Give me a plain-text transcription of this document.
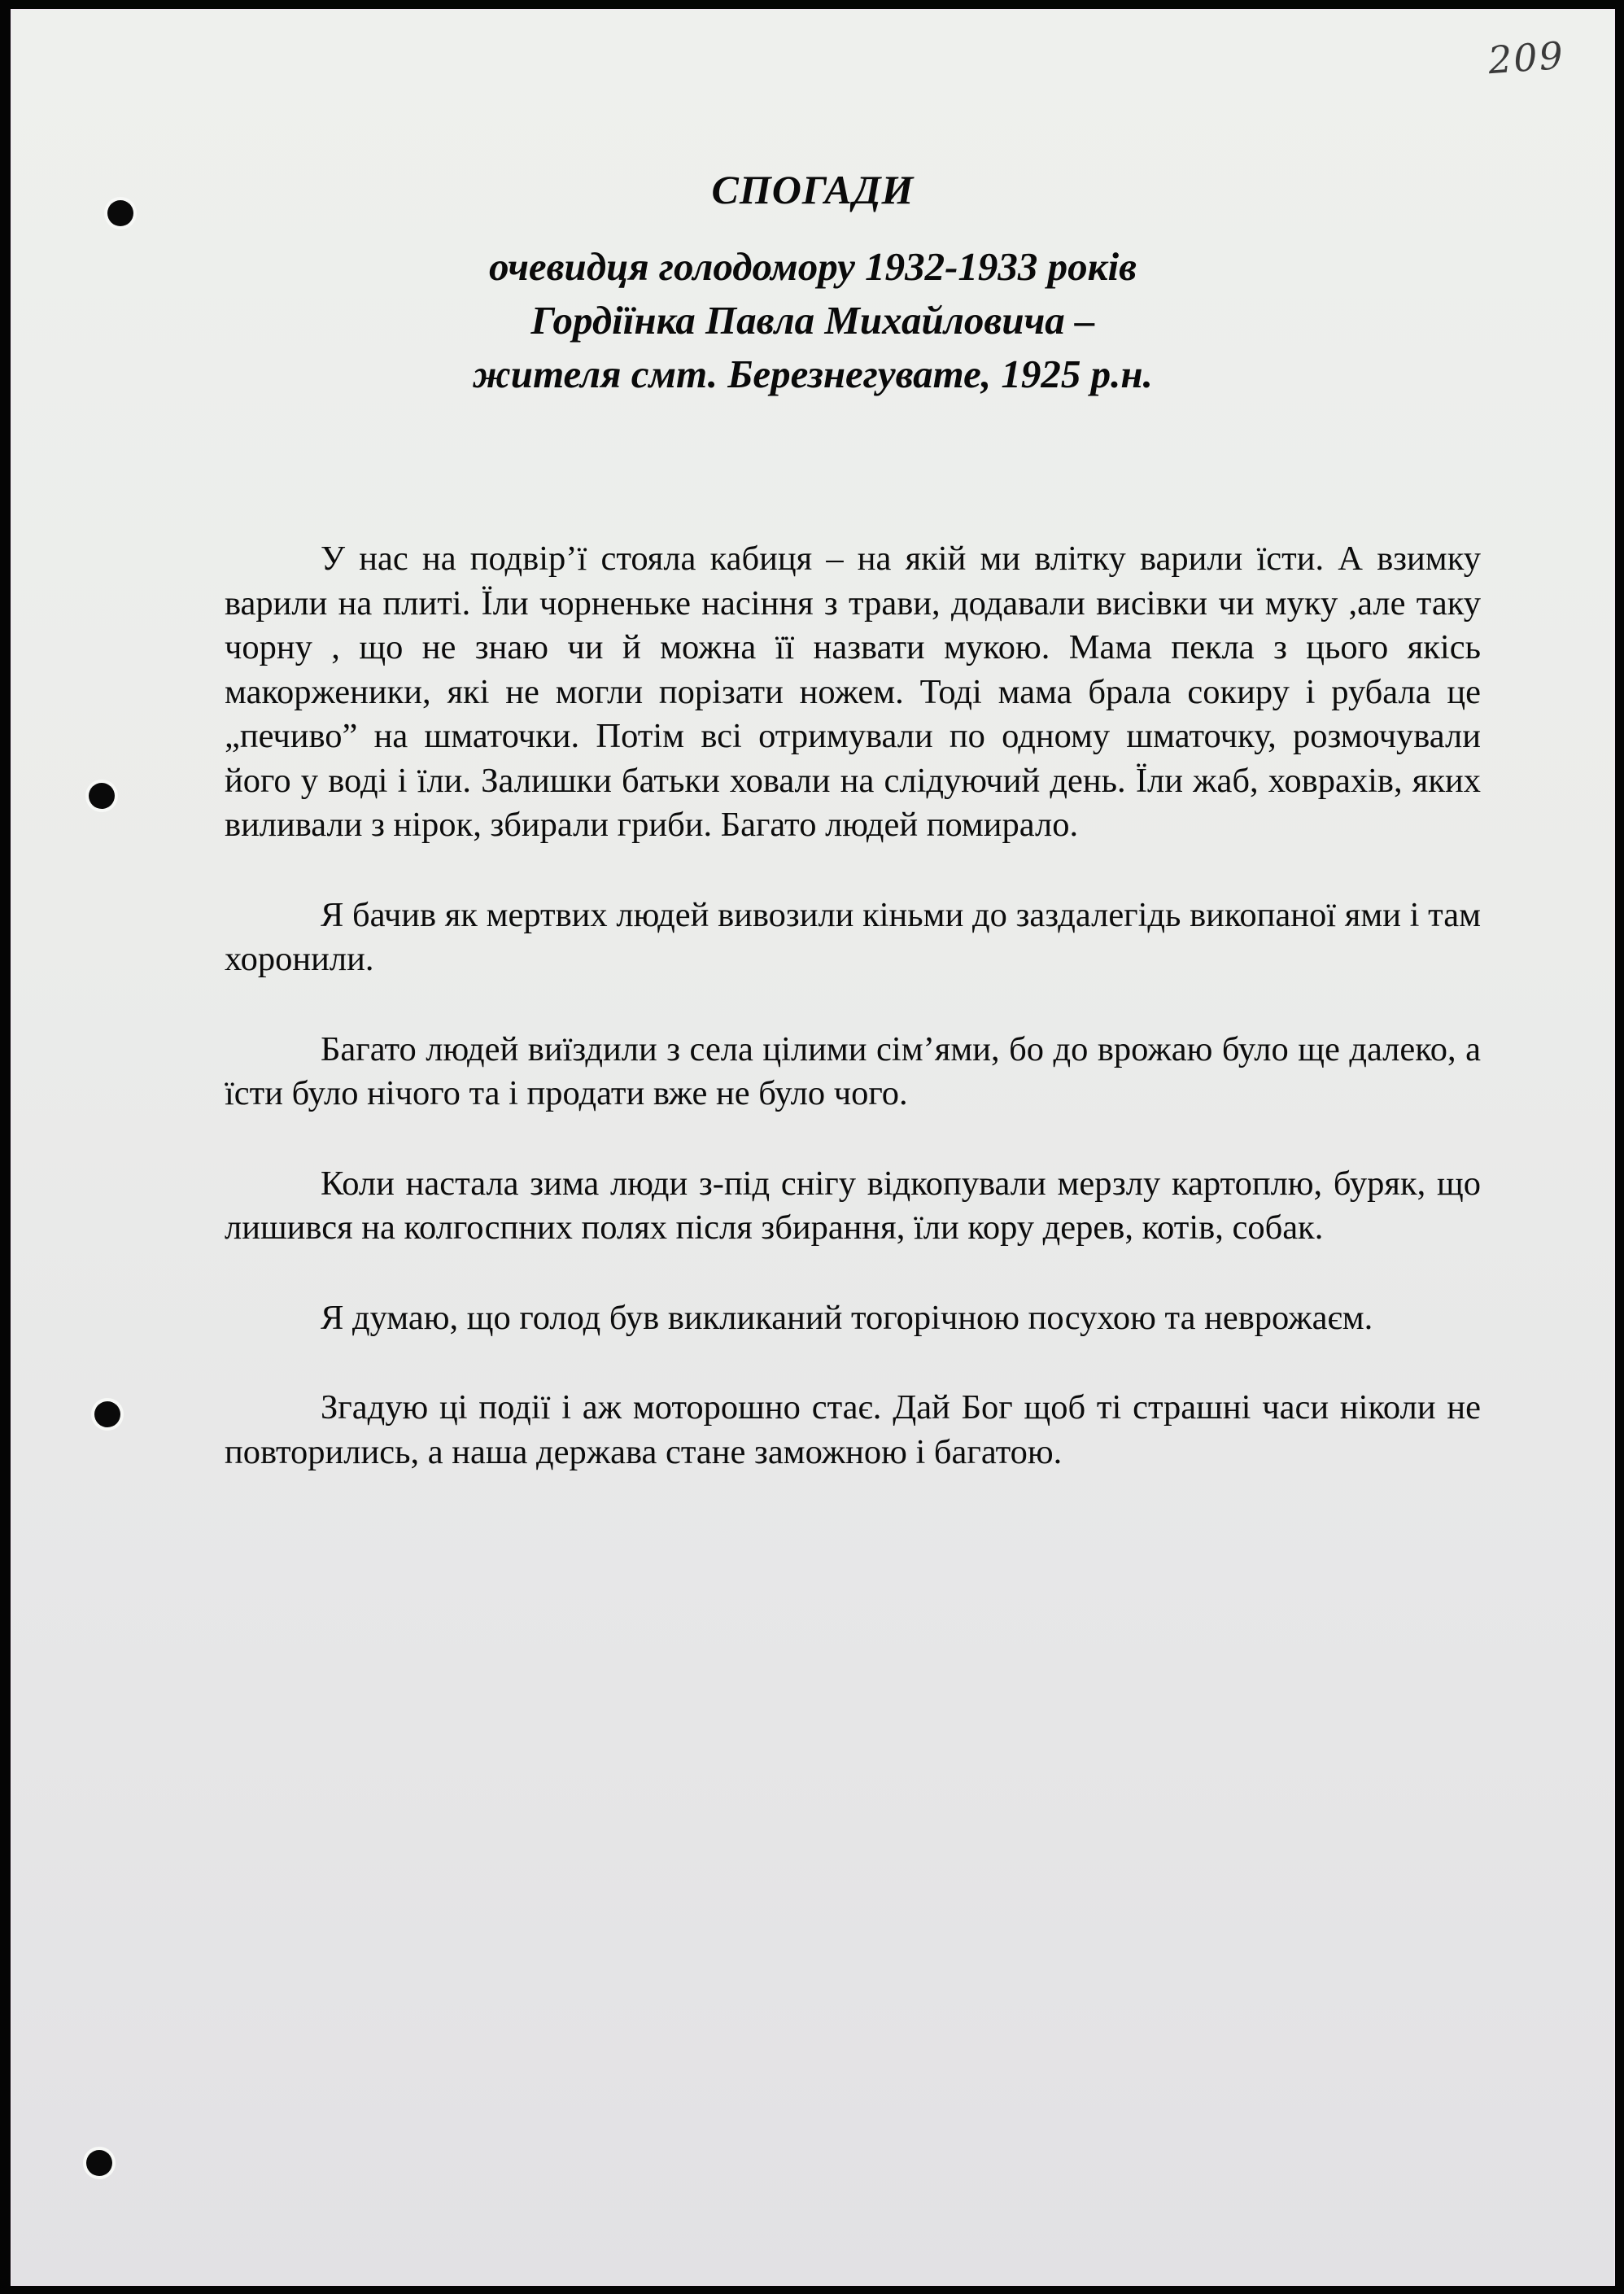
209
СПОГАДИ
очевидця голодомору 1932-1933 років
Гордіїнка Павла Михайловича –
жителя смт. Березнегувате, 1925 р.н.

У нас на подвір’ї стояла кабиця – на якій ми влітку варили їсти. А взимку варили на плиті. Їли чорненьке насіння з трави, додавали висівки чи муку ,але таку чорну , що не знаю чи й можна її назвати мукою. Мама пекла з цього якісь макорженики, які не могли порізати ножем. Тоді мама брала сокиру і рубала це „печиво” на шматочки. Потім всі отримували по одному шматочку, розмочували його у воді і їли. Залишки батьки ховали на слідуючий день. Їли жаб, ховрахів, яких виливали з нірок, збирали гриби. Багато людей помирало.

Я бачив як мертвих людей вивозили кіньми до заздалегідь викопаної ями і там хоронили.

Багато людей виїздили з села цілими сім’ями, бо до врожаю було ще далеко, а їсти було нічого та і продати вже не було чого.

Коли настала зима люди з-під снігу відкопували мерзлу картоплю, буряк, що лишився на колгоспних полях після збирання, їли кору дерев, котів, собак.

Я думаю, що голод був викликаний тогорічною посухою та неврожаєм.

Згадую ці події і аж моторошно стає. Дай Бог щоб ті страшні часи ніколи не повторились, а наша держава стане заможною і багатою.
